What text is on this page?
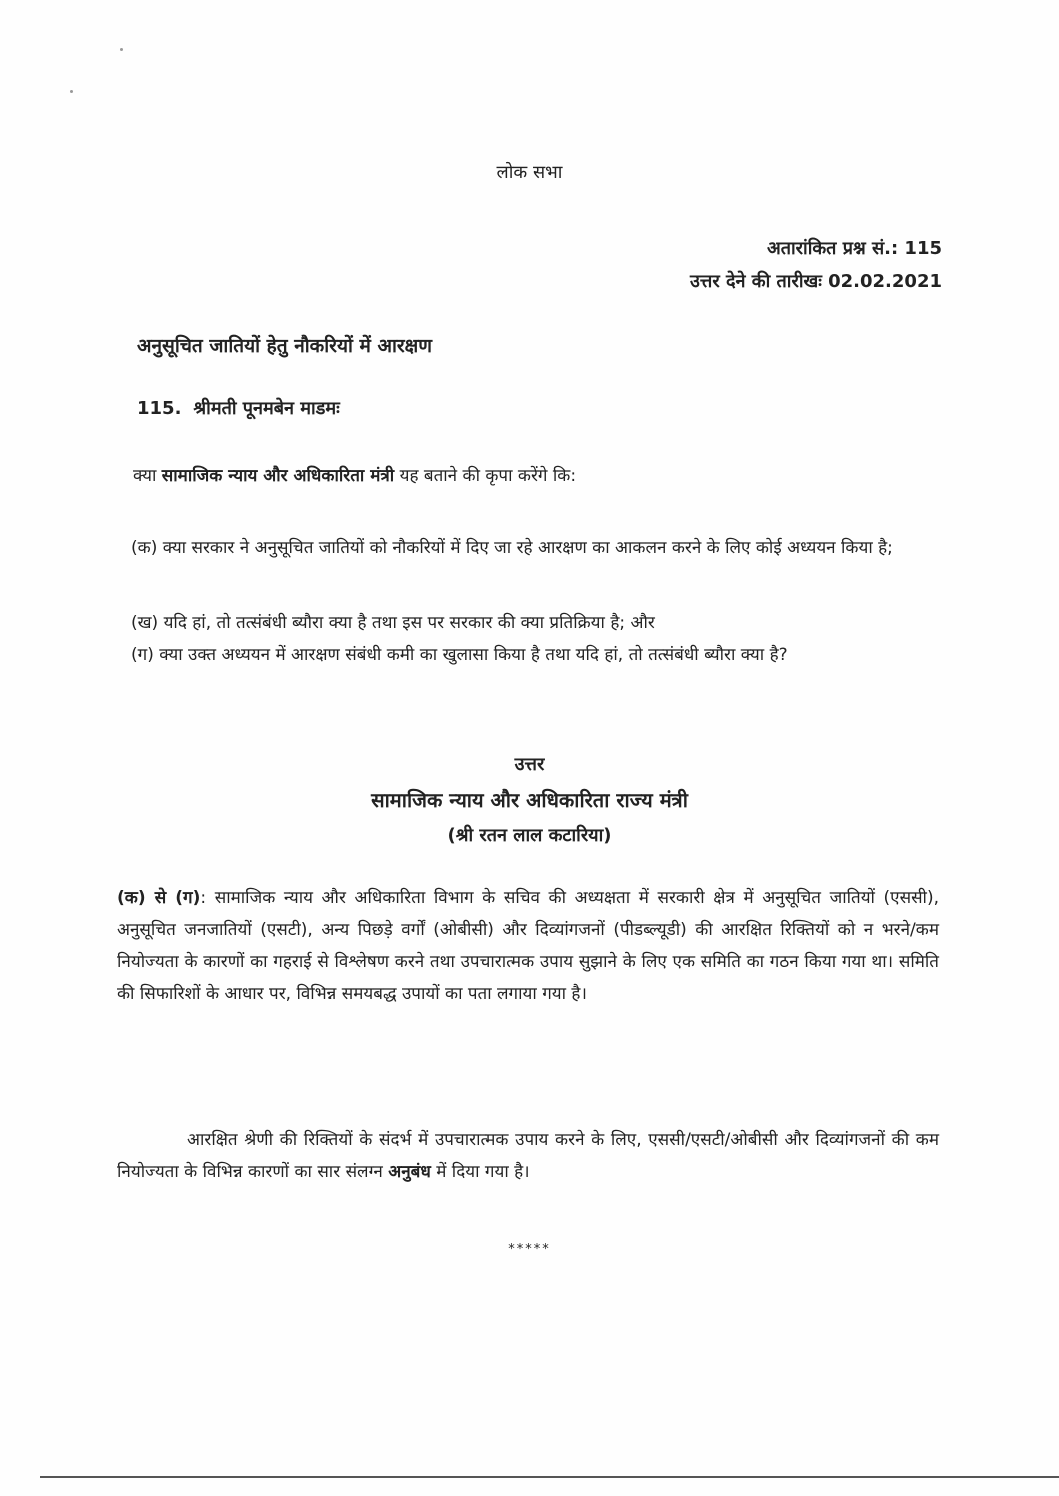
लोक सभा
अतारांकित प्रश्न सं.: 115
उत्तर देने की तारीखः 02.02.2021
अनुसूचित जातियों हेतु नौकरियों में आरक्षण
115. श्रीमती पूनमबेन माडमः
क्या सामाजिक न्याय और अधिकारिता मंत्री यह बताने की कृपा करेंगे कि:
(क) क्या सरकार ने अनुसूचित जातियों को नौकरियों में दिए जा रहे आरक्षण का आकलन करने के लिए कोई अध्ययन किया है;
(ख) यदि हां, तो तत्संबंधी ब्यौरा क्या है तथा इस पर सरकार की क्या प्रतिक्रिया है; और
(ग) क्या उक्त अध्ययन में आरक्षण संबंधी कमी का खुलासा किया है तथा यदि हां, तो तत्संबंधी ब्यौरा क्या है?
उत्तर
सामाजिक न्याय और अधिकारिता राज्य मंत्री
(श्री रतन लाल कटारिया)
(क) से (ग): सामाजिक न्याय और अधिकारिता विभाग के सचिव की अध्यक्षता में सरकारी क्षेत्र में अनुसूचित जातियों (एससी), अनुसूचित जनजातियों (एसटी), अन्य पिछड़े वर्गों (ओबीसी) और दिव्यांगजनों (पीडब्ल्यूडी) की आरक्षित रिक्तियों को न भरने/कम नियोज्यता के कारणों का गहराई से विश्लेषण करने तथा उपचारात्मक उपाय सुझाने के लिए एक समिति का गठन किया गया था। समिति की सिफारिशों के आधार पर, विभिन्न समयबद्ध उपायों का पता लगाया गया है।
आरक्षित श्रेणी की रिक्तियों के संदर्भ में उपचारात्मक उपाय करने के लिए, एससी/एसटी/ओबीसी और दिव्यांगजनों की कम नियोज्यता के विभिन्न कारणों का सार संलग्न अनुबंध में दिया गया है।
*****
